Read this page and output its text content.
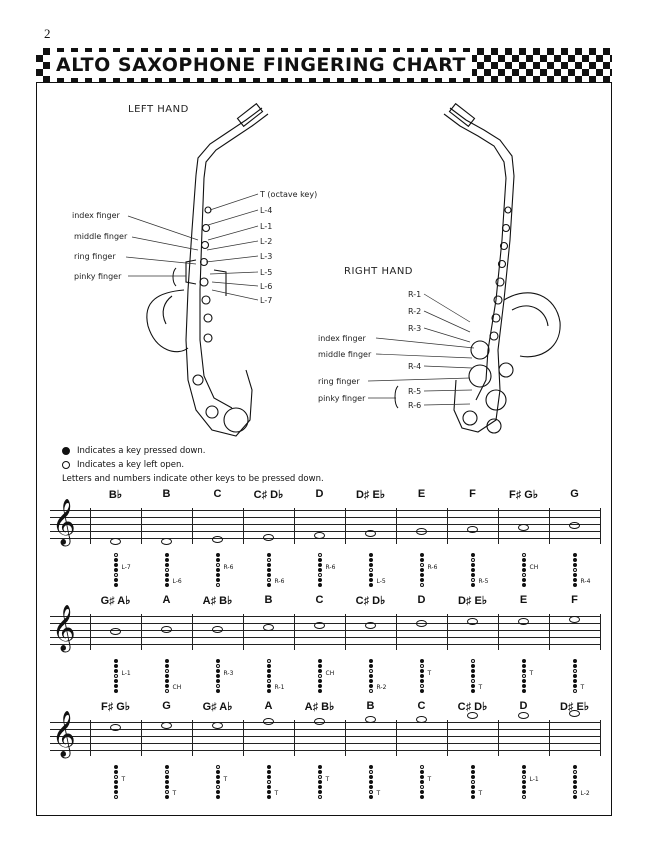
2
ALTO SAXOPHONE FINGERING CHART
LEFT HAND
index finger
middle finger
ring finger
pinky finger
T (octave key)
L-4
L-1
L-2
L-3
L-5
L-6
L-7
RIGHT HAND
R-1
R-2
R-3
index finger
middle finger
ring finger
pinky finger
R-4
R-5
R-6
Indicates a key pressed down.
Indicates a key left open.
Letters and numbers indicate other keys to be pressed down.
𝄞
B♭
L-7
B
L-6
C
R-6
C♯ D♭
R-6
D
R-6
D♯ E♭
L-5
E
R-6
F
R-5
F♯ G♭
CH
G
R-4
𝄞
G♯ A♭
L-1
A
CH
A♯ B♭
R-3
B
R-1
C
CH
C♯ D♭
R-2
D
T
D♯ E♭
T
E
T
F
T
𝄞
F♯ G♭
T
G
T
G♯ A♭
T
A
T
A♯ B♭
T
B
T
C
T
C♯ D♭
T
D
L-1
D♯ E♭
L-2
